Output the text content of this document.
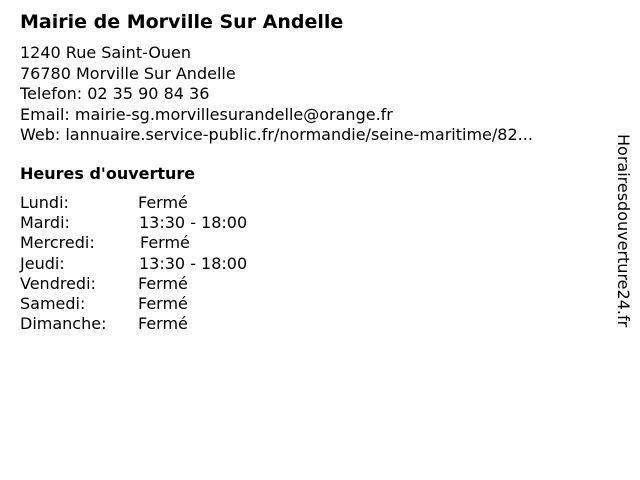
Mairie de Morville Sur Andelle
1240 Rue Saint-Ouen
76780 Morville Sur Andelle
Telefon: 02 35 90 84 36
Email: mairie-sg.morvillesurandelle@orange.fr
Web: lannuaire.service-public.fr/normandie/seine-maritime/82...
Heures d'ouverture
Lundi:	Fermé
Mardi:	13:30 - 18:00
Mercredi:	Fermé
Jeudi:	13:30 - 18:00
Vendredi:	Fermé
Samedi:	Fermé
Dimanche: Fermé	Horairesdouverture24.fr
